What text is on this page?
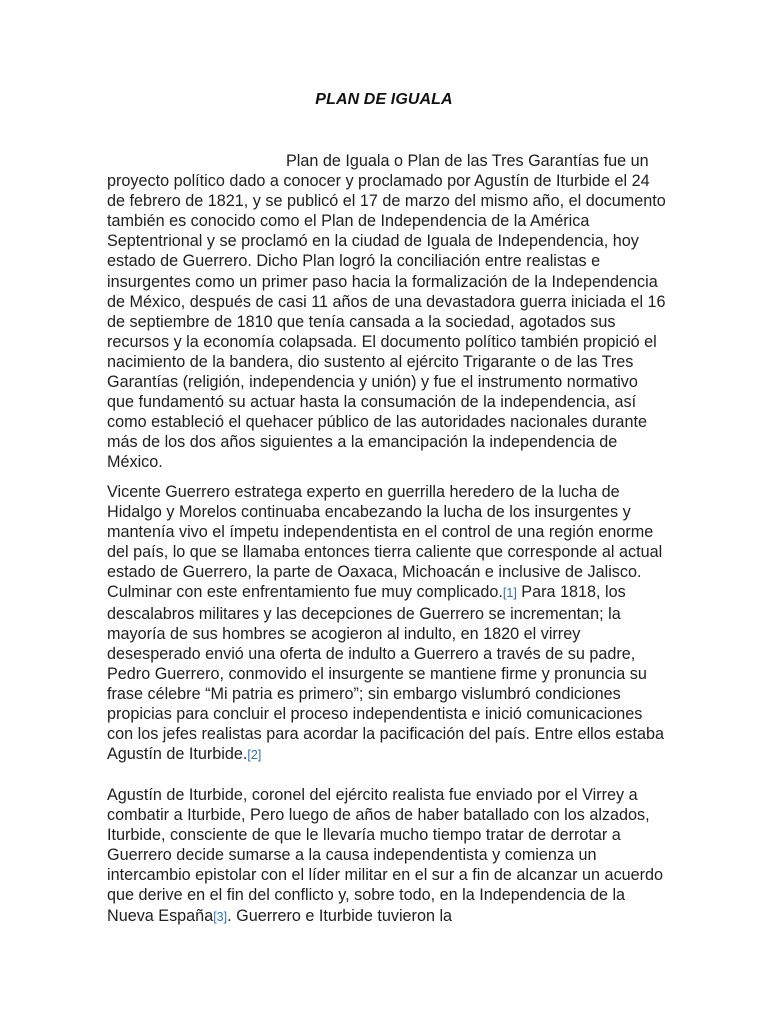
PLAN DE IGUALA

Plan de Iguala o Plan de las Tres Garantías fue un proyecto político dado a conocer y proclamado por Agustín de Iturbide el 24 de febrero de 1821, y se publicó el 17 de marzo del mismo año, el documento también es conocido como el Plan de Independencia de la América Septentrional y se proclamó en la ciudad de Iguala de Independencia, hoy estado de Guerrero. Dicho Plan logró la conciliación entre realistas e insurgentes como un primer paso hacia la formalización de la Independencia de México, después de casi 11 años de una devastadora guerra iniciada el 16 de septiembre de 1810 que tenía cansada a la sociedad, agotados sus recursos y la economía colapsada. El documento político también propició el nacimiento de la bandera, dio sustento al ejército Trigarante o de las Tres Garantías (religión, independencia y unión) y fue el instrumento normativo que fundamentó su actuar hasta la consumación de la independencia, así como estableció el quehacer público de las autoridades nacionales durante más de los dos años siguientes a la emancipación la independencia de México.

Vicente Guerrero estratega experto en guerrilla heredero de la lucha de Hidalgo y Morelos continuaba encabezando la lucha de los insurgentes y mantenía vivo el ímpetu independentista en el control de una región enorme del país, lo que se llamaba entonces tierra caliente que corresponde al actual estado de Guerrero, la parte de Oaxaca, Michoacán e inclusive de Jalisco. Culminar con este enfrentamiento fue muy complicado.[1] Para 1818, los descalabros militares y las decepciones de Guerrero se incrementan; la mayoría de sus hombres se acogieron al indulto, en 1820 el virrey desesperado envió una oferta de indulto a Guerrero a través de su padre, Pedro Guerrero, conmovido el insurgente se mantiene firme y pronuncia su frase célebre “Mi patria es primero”; sin embargo vislumbró condiciones propicias para concluir el proceso independentista e inició comunicaciones con los jefes realistas para acordar la pacificación del país. Entre ellos estaba Agustín de Iturbide.[2]

Agustín de Iturbide, coronel del ejército realista fue enviado por el Virrey a combatir a Iturbide, Pero luego de años de haber batallado con los alzados, Iturbide, consciente de que le llevaría mucho tiempo tratar de derrotar a Guerrero decide sumarse a la causa independentista y comienza un intercambio epistolar con el líder militar en el sur a fin de alcanzar un acuerdo que derive en el fin del conflicto y, sobre todo, en la Independencia de la Nueva España[3]. Guerrero e Iturbide tuvieron la
